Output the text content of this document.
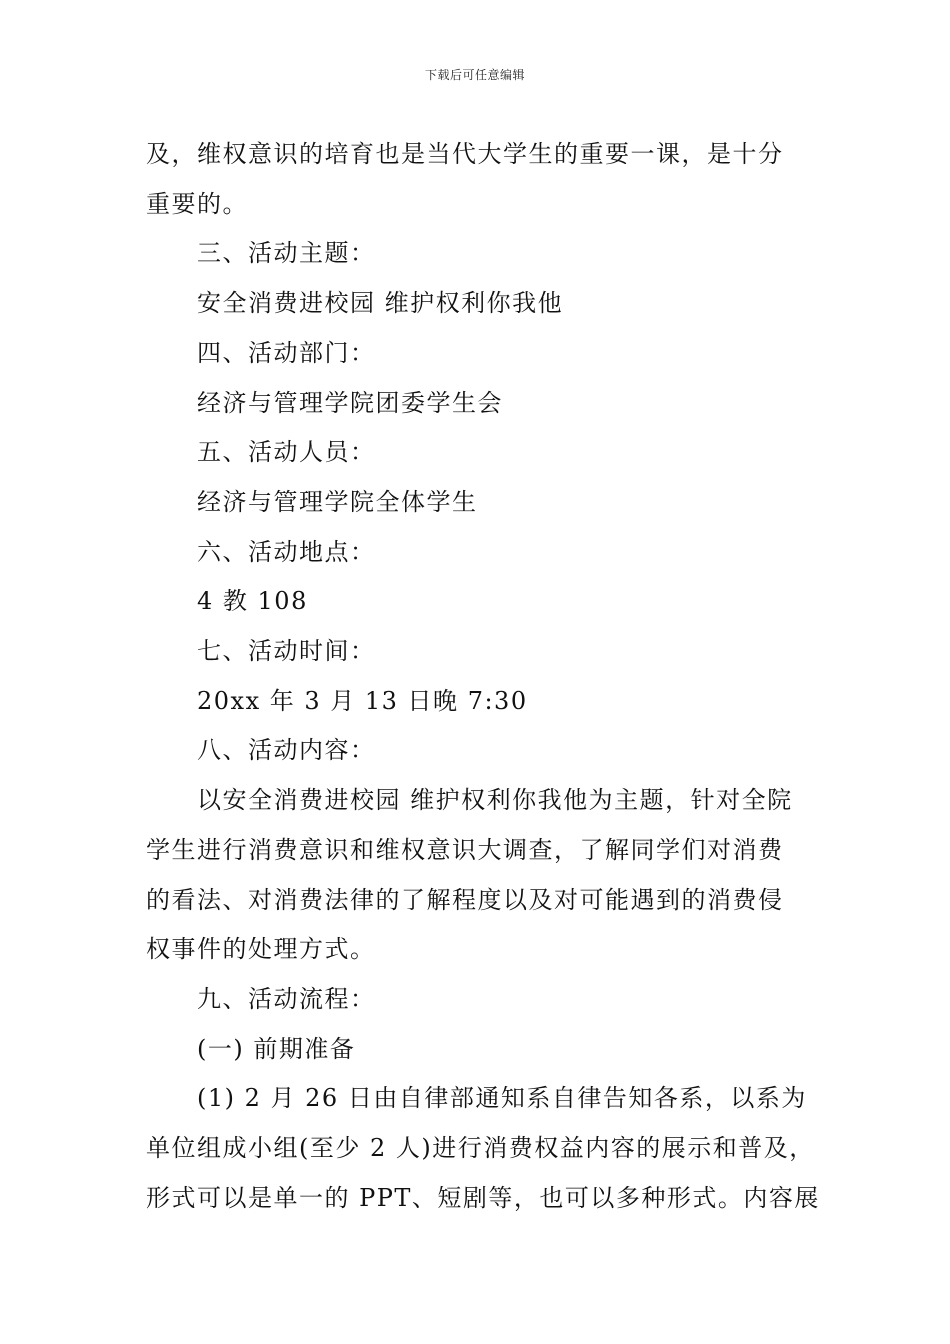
下载后可任意编辑

及，维权意识的培育也是当代大学生的重要一课，是十分

重要的。

三、活动主题：

安全消费进校园 维护权利你我他

四、活动部门：

经济与管理学院团委学生会

五、活动人员：

经济与管理学院全体学生

六、活动地点：

4 教 108

七、活动时间：

20xx 年 3 月 13 日晚 7:30

八、活动内容：

以安全消费进校园 维护权利你我他为主题，针对全院

学生进行消费意识和维权意识大调查，了解同学们对消费

的看法、对消费法律的了解程度以及对可能遇到的消费侵

权事件的处理方式。

九、活动流程：

(一) 前期准备

(1) 2 月 26 日由自律部通知系自律告知各系，以系为

单位组成小组(至少 2 人)进行消费权益内容的展示和普及，

形式可以是单一的 PPT、短剧等，也可以多种形式。内容展
